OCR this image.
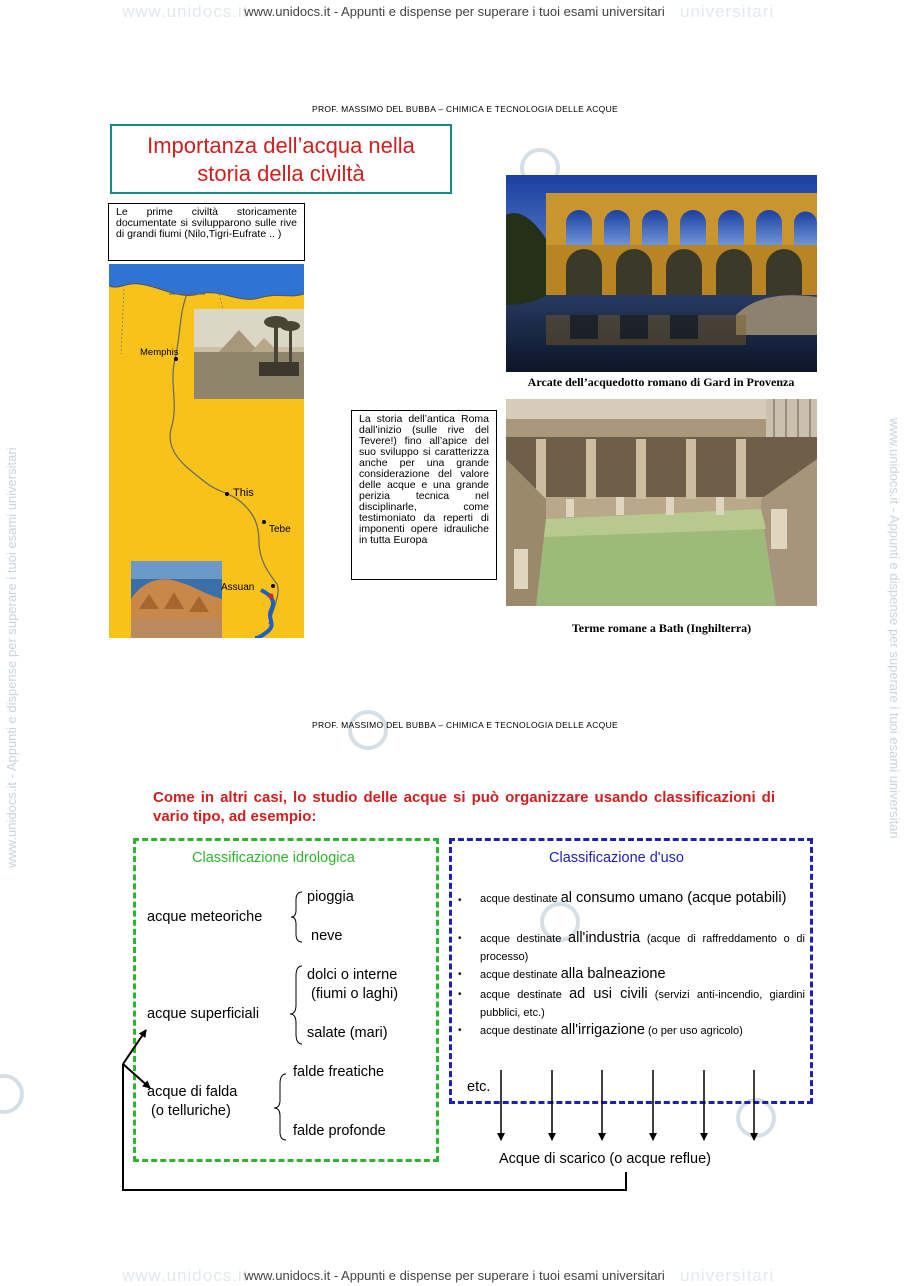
www.unidocs.it	universitari
www.unidocs.it	universitari
www.unidocs.it - Appunti e dispense per superare i tuoi esami universitari	www.unidocs.it - Appunti e dispense per superare i tuoi esami universitari
www.unidocs.it - Appunti e dispense per superare i tuoi esami universitari
www.unidocs.it - Appunti e dispense per superare i tuoi esami universitari
PROF. MASSIMO DEL BUBBA – CHIMICA E TECNOLOGIA DELLE ACQUE
Importanza dell’acqua nella
storia della civiltà
Le prime civiltà storicamente documentate si svilupparono sulle rive di grandi fiumi (Nilo,Tigri-Eufrate .. )
Memphis
This
Tebe
Assuan
Arcate dell’acquedotto romano di Gard in Provenza
La storia dell’antica Roma dall’inizio (sulle rive del Tevere!) fino all’apice del suo sviluppo si caratterizza anche per una grande considerazione del valore delle acque e una grande perizia tecnica nel disciplinarle, come testimoniato da reperti di imponenti opere idrauliche in tutta Europa
Terme romane a Bath (Inghilterra)
PROF. MASSIMO DEL BUBBA – CHIMICA E TECNOLOGIA DELLE ACQUE
Come in altri casi, lo studio delle acque si può organizzare usando classificazioni di vario tipo, ad esempio:
Classificazione idrologica	Classificazione d'uso
acque meteoriche
pioggia
neve
acque superficiali
dolci o interne
(fiumi o laghi)
salate (mari)
acque di falda
(o telluriche)
falde freatiche
falde profonde
• acque destinate al consumo umano (acque potabili)
• acque destinate all'industria (acque di raffreddamento o di processo)
• acque destinate alla balneazione
• acque destinate ad usi civili (servizi anti-incendio, giardini pubblici, etc.)
• acque destinate all'irrigazione (o per uso agricolo)
etc.
Acque di scarico (o acque reflue)
